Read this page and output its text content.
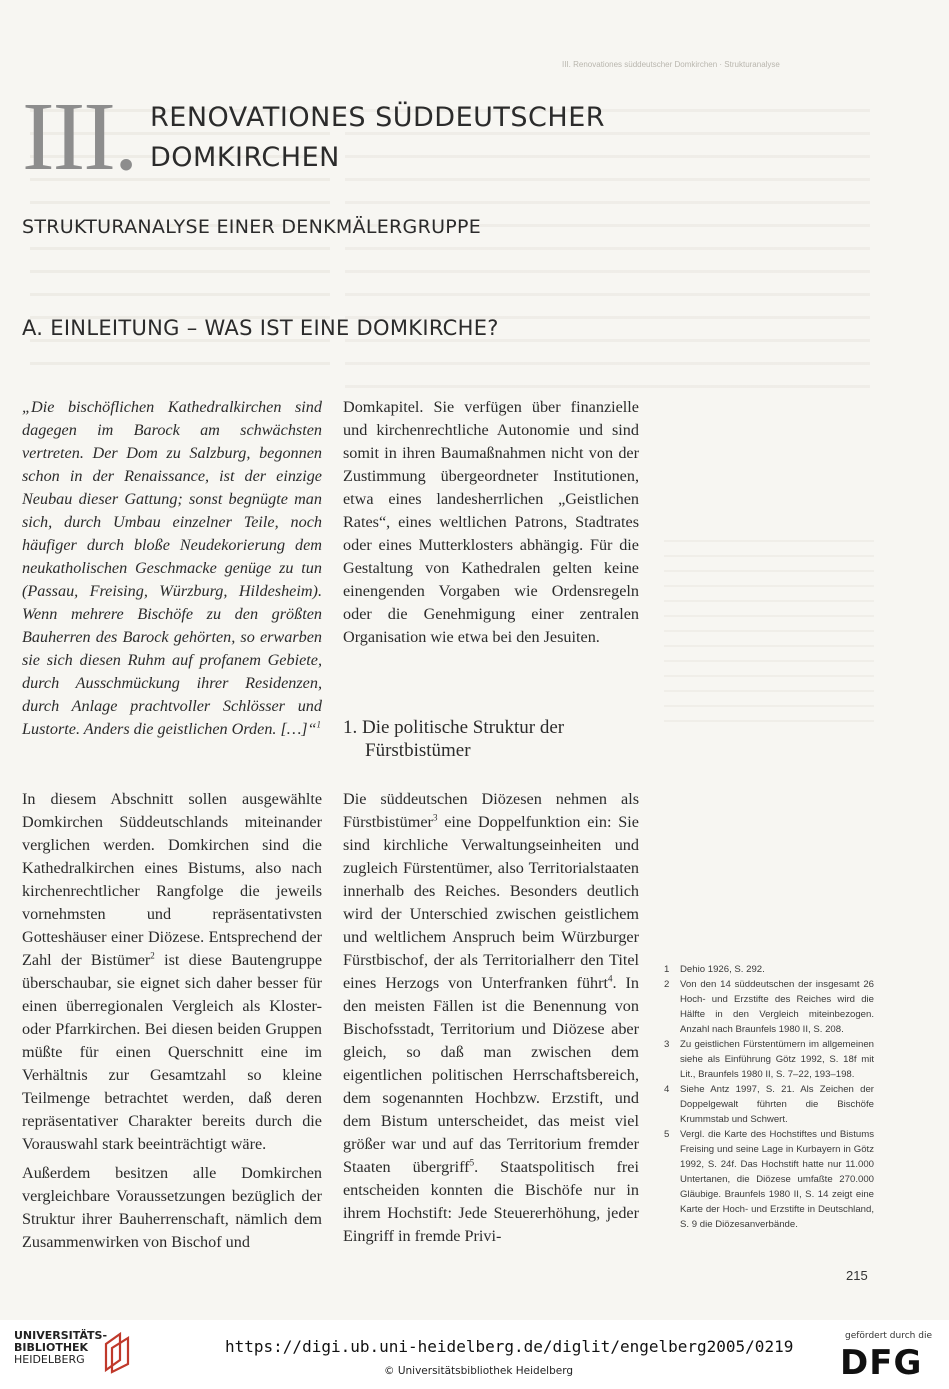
III. Renovationes süddeutscher Domkirchen · Strukturanalyse
III. RENOVATIONES SÜDDEUTSCHER
DOMKIRCHEN
STRUKTURANALYSE EINER DENKMÄLERGRUPPE
A. EINLEITUNG – WAS IST EINE DOMKIRCHE?

„Die bischöflichen Kathedralkirchen sind dagegen im Barock am schwächsten vertreten. Der Dom zu Salzburg, begonnen schon in der Renaissance, ist der einzige Neubau dieser Gattung; sonst begnügte man sich, durch Umbau einzelner Teile, noch häufiger durch bloße Neudekorierung dem neukatholischen Geschmacke genüge zu tun (Passau, Freising, Würzburg, Hildesheim). Wenn mehrere Bischöfe zu den größten Bauherren des Barock gehörten, so erwarben sie sich diesen Ruhm auf profanem Gebiete, durch Ausschmückung ihrer Residenzen, durch Anlage prachtvoller Schlösser und Lustorte. Anders die geistlichen Orden. […]“$^1$

In diesem Abschnitt sollen ausgewählte Domkirchen Süddeutschlands miteinander verglichen werden. Domkirchen sind die Kathedralkirchen eines Bistums, also nach kirchenrechtlicher Rangfolge die jeweils vornehmsten und repräsentativsten Gotteshäuser einer Diözese. Entsprechend der Zahl der Bistümer$^2$ ist diese Bautengruppe überschaubar, sie eignet sich daher besser für einen überregionalen Vergleich als Kloster- oder Pfarrkirchen. Bei diesen beiden Gruppen müßte für einen Querschnitt eine im Verhältnis zur Gesamtzahl so kleine Teilmenge betrachtet werden, daß deren repräsentativer Charakter bereits durch die Vorauswahl stark beeinträchtigt wäre.

Außerdem besitzen alle Domkirchen vergleichbare Voraussetzungen bezüglich der Struktur ihrer Bauherrenschaft, nämlich dem Zusammenwirken von Bischof und

Domkapitel. Sie verfügen über finanzielle und kirchenrechtliche Autonomie und sind somit in ihren Baumaßnahmen nicht von der Zustimmung übergeordneter Institutionen, etwa eines landesherrlichen „Geistlichen Rates“, eines weltlichen Patrons, Stadtrates oder eines Mutterklosters abhängig. Für die Gestaltung von Kathedralen gelten keine einengenden Vorgaben wie Ordensregeln oder die Genehmigung einer zentralen Organisation wie etwa bei den Jesuiten.

1. Die politische Struktur der
Fürstbistümer

Die süddeutschen Diözesen nehmen als Fürstbistümer$^3$ eine Doppelfunktion ein: Sie sind kirchliche Verwaltungseinheiten und zugleich Fürstentümer, also Territorialstaaten innerhalb des Reiches. Besonders deutlich wird der Unterschied zwischen geistlichem und weltlichem Anspruch beim Würzburger Fürstbischof, der als Territorialherr den Titel eines Herzogs von Unterfranken führt$^4$. In den meisten Fällen ist die Benennung von Bischofsstadt, Territorium und Diözese aber gleich, so daß man zwischen dem eigentlichen politischen Herrschaftsbereich, dem sogenannten Hochbzw. Erzstift, und dem Bistum unterscheidet, das meist viel größer war und auf das Territorium fremder Staaten übergriff$^5$. Staatspolitisch frei entscheiden konnten die Bischöfe nur in ihrem Hochstift: Jede Steuererhöhung, jeder Eingriff in fremde Privi-

1 Dehio 1926, S. 292.
2 Von den 14 süddeutschen der insgesamt 26 Hoch- und Erzstifte des Reiches wird die Hälfte in den Vergleich miteinbezogen. Anzahl nach Braunfels 1980 II, S. 208.
3 Zu geistlichen Fürstentümern im allgemeinen siehe als Einführung Götz 1992, S. 18f mit Lit., Braunfels 1980 II, S. 7–22, 193–198.
4 Siehe Antz 1997, S. 21. Als Zeichen der Doppelgewalt führten die Bischöfe Krummstab und Schwert.
5 Vergl. die Karte des Hochstiftes und Bistums Freising und seine Lage in Kurbayern in Götz 1992, S. 24f. Das Hochstift hatte nur 11.000 Untertanen, die Diözese umfaßte 270.000 Gläubige. Braunfels 1980 II, S. 14 zeigt eine Karte der Hoch- und Erzstifte in Deutschland, S. 9 die Diözesanverbände.
215
UNIVERSITÄTS-
BIBLIOTHEK
HEIDELBERG
https://digi.ub.uni-heidelberg.de/diglit/engelberg2005/0219
© Universitätsbibliothek Heidelberg
gefördert durch die
DFG
